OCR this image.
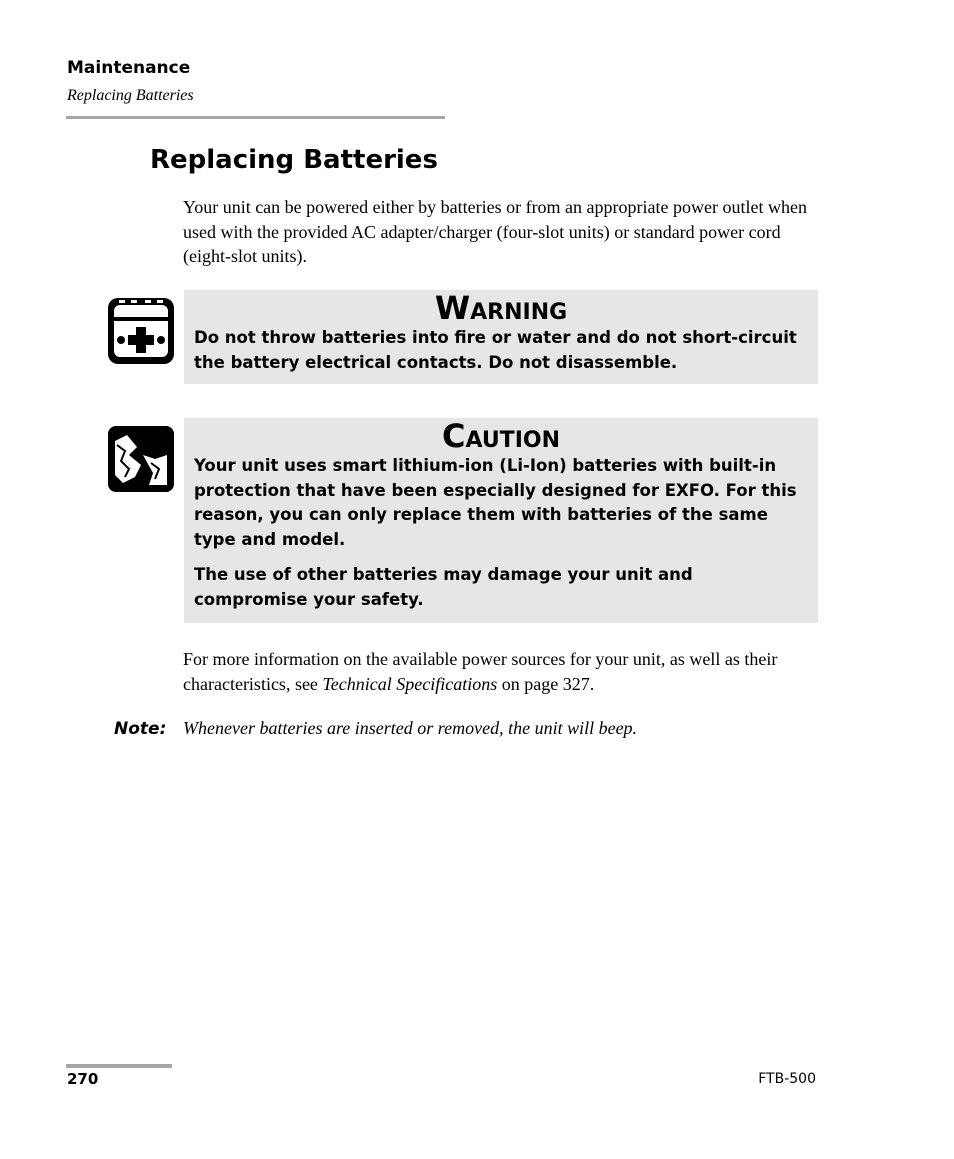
Maintenance
Replacing Batteries
Replacing Batteries

Your unit can be powered either by batteries or from an appropriate power outlet when used with the provided AC adapter/charger (four-slot units) or standard power cord (eight-slot units).

Warning

Do not throw batteries into fire or water and do not short-circuit the battery electrical contacts. Do not disassemble.

Caution

Your unit uses smart lithium-ion (Li-Ion) batteries with built-in protection that have been especially designed for EXFO. For this reason, you can only replace them with batteries of the same type and model.

The use of other batteries may damage your unit and compromise your safety.

For more information on the available power sources for your unit, as well as their characteristics, see Technical Specifications on page 327.

Note: Whenever batteries are inserted or removed, the unit will beep.
270	FTB-500
